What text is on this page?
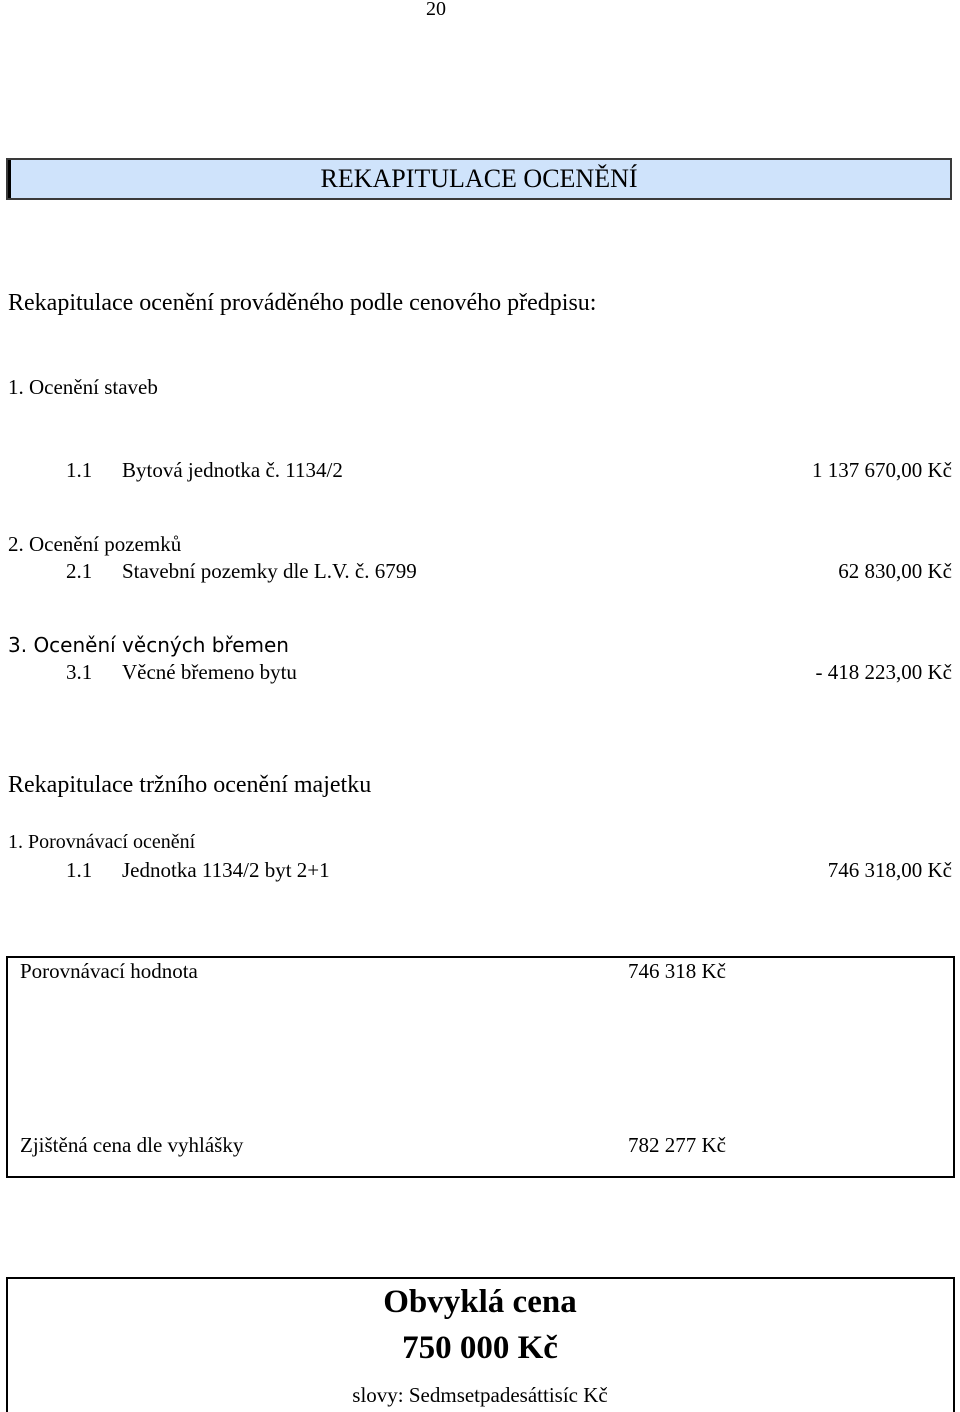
20
REKAPITULACE OCENĚNÍ
Rekapitulace ocenění prováděného podle cenového předpisu:
1. Ocenění staveb
1.1 Bytová jednotka č. 1134/2	1 137 670,00 Kč
2. Ocenění pozemků
2.1 Stavební pozemky dle L.V. č. 6799	62 830,00 Kč
3. Ocenění věcných břemen
3.1 Věcné břemeno bytu	- 418 223,00 Kč
Rekapitulace tržního ocenění majetku
1. Porovnávací ocenění
1.1 Jednotka 1134/2 byt 2+1	746 318,00 Kč
Porovnávací hodnota	746 318 Kč
Zjištěná cena dle vyhlášky	782 277 Kč
Obvyklá cena
750 000 Kč
slovy: Sedmsetpadesáttisíc Kč
